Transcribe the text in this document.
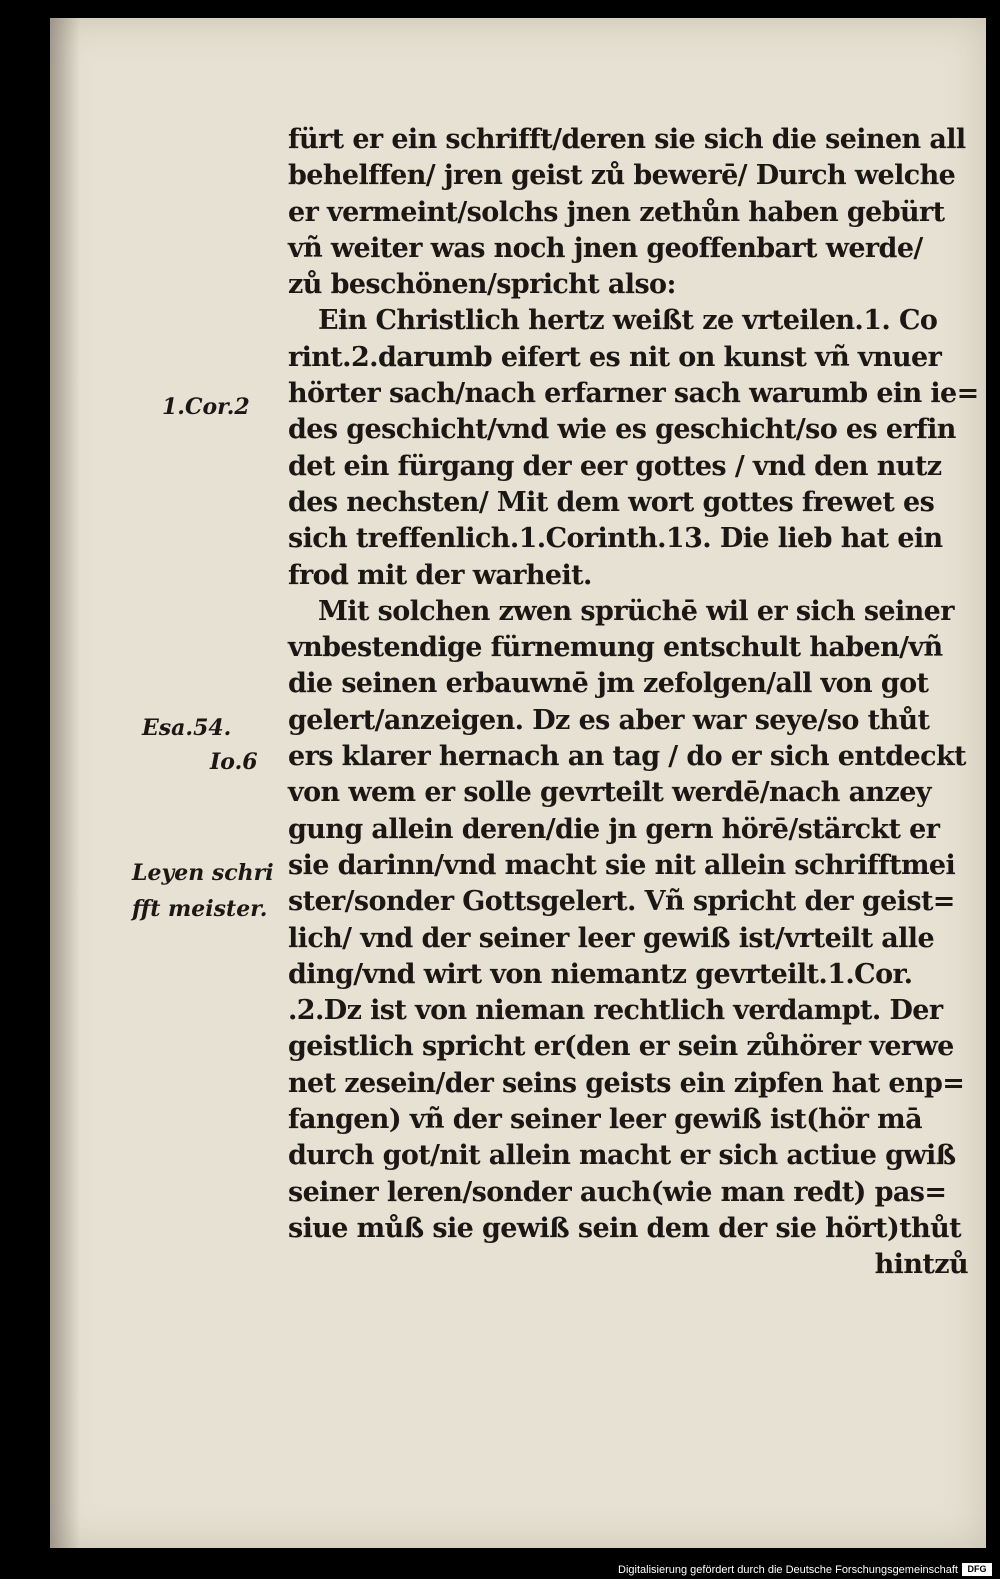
fürt er ein schrifft/deren sie sich die seinen all
behelffen/ jren geist zů bewerē/ Durch welche
er vermeint/solchs jnen zethůn haben gebürt
vñ weiter was noch jnen geoffenbart werde/
zů beschönen/spricht also:
Ein Christlich hertz weißt ze vrteilen.1. Co
rint.2.darumb eifert es nit on kunst vñ vnuer
hörter sach/nach erfarner sach warumb ein ie=
des geschicht/vnd wie es geschicht/so es erfin
det ein fürgang der eer gottes / vnd den nutz
des nechsten/ Mit dem wort gottes frewet es
sich treffenlich.1.Corinth.13. Die lieb hat ein
frod mit der warheit.
Mit solchen zwen sprüchē wil er sich seiner
vnbestendige fürnemung entschult haben/vñ
die seinen erbauwnē jm zefolgen/all von got
gelert/anzeigen. Dz es aber war seye/so thůt
ers klarer hernach an tag / do er sich entdeckt
von wem er solle gevrteilt werdē/nach anzey
gung allein deren/die jn gern hörē/stärckt er
sie darinn/vnd macht sie nit allein schrifftmei
ster/sonder Gottsgelert. Vñ spricht der geist=
lich/ vnd der seiner leer gewiß ist/vrteilt alle
ding/vnd wirt von niemantz gevrteilt.1.Cor.
.2.Dz ist von nieman rechtlich verdampt. Der
geistlich spricht er(den er sein zůhörer verwe
net zesein/der seins geists ein zipfen hat enp=
fangen) vñ der seiner leer gewiß ist(hör mā
durch got/nit allein macht er sich actiue gwiß
seiner leren/sonder auch(wie man redt) pas=
siue můß sie gewiß sein dem der sie hört)thůt
hintzů
1.Cor.2
Esa.54.
Io.6
Leyen schri
fft meister.
Digitalisierung gefördert durch die Deutsche Forschungsgemeinschaft	DFG
